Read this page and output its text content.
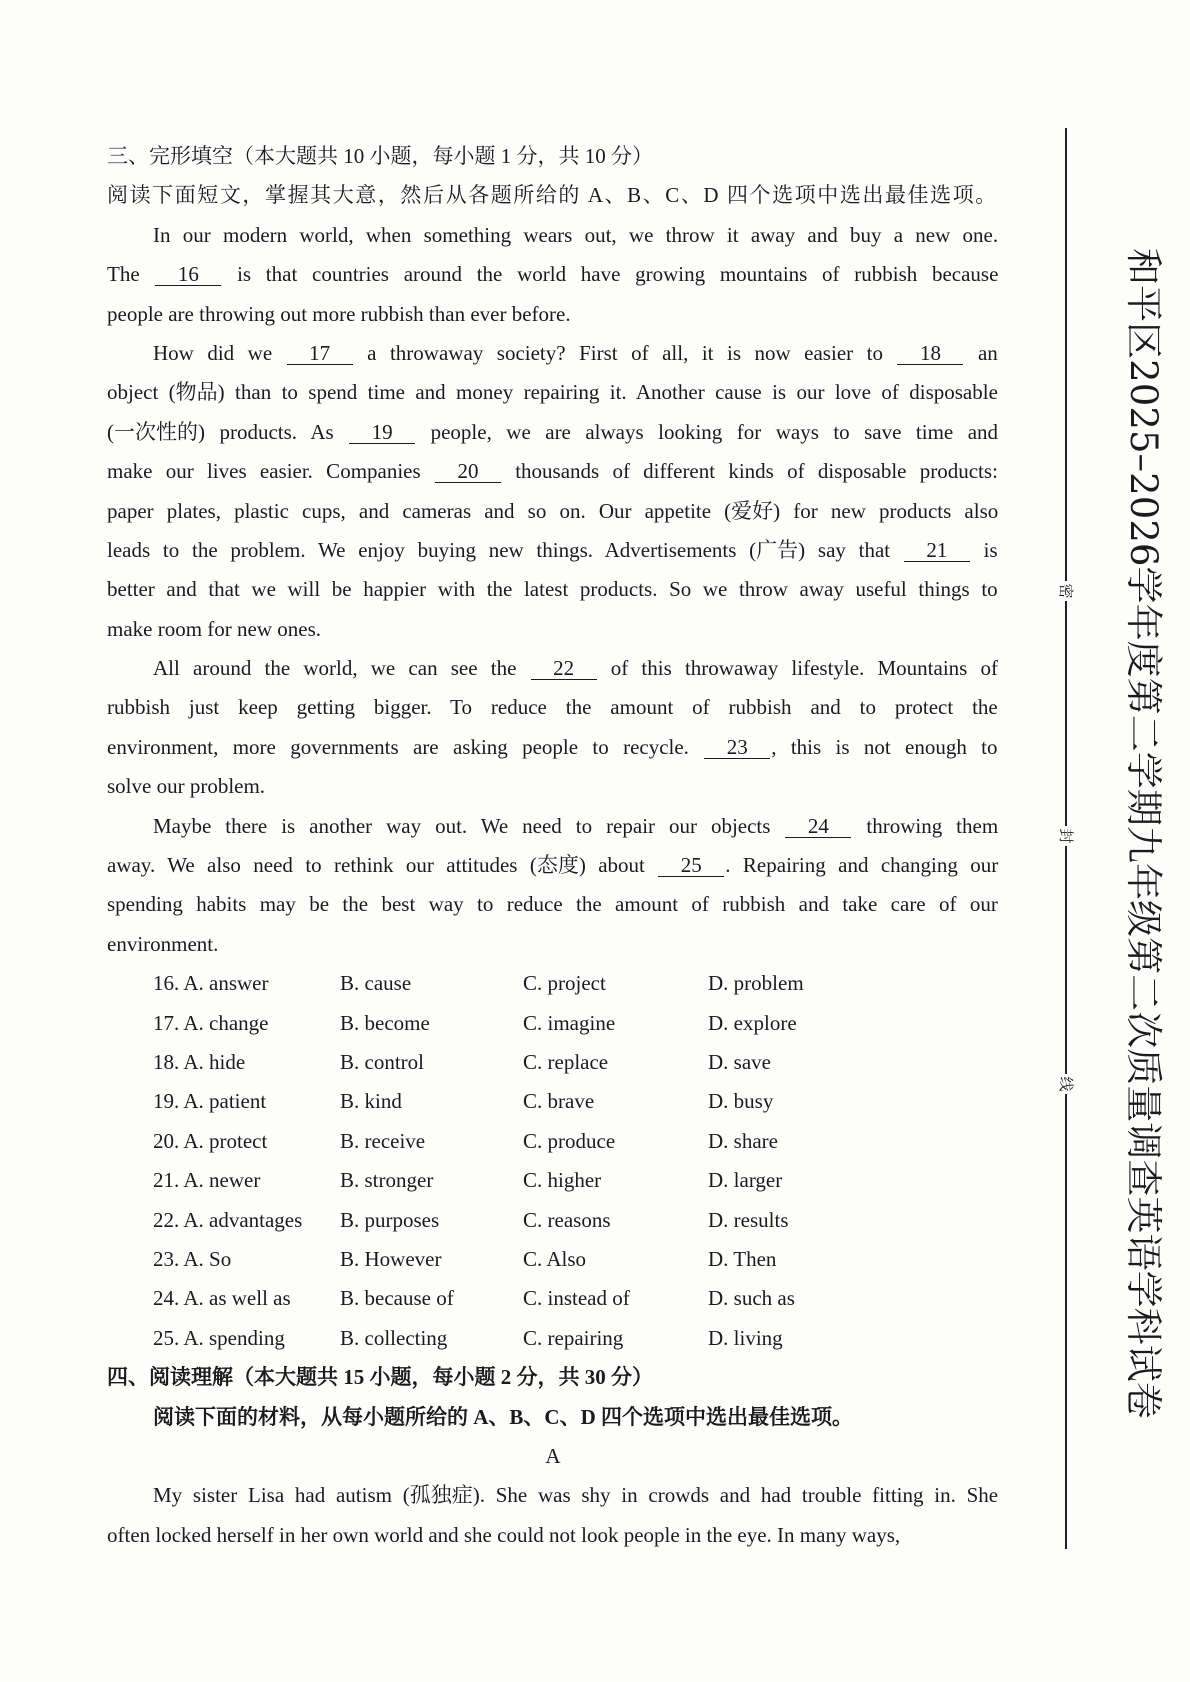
和平区2025–2026学年度第二学期九年级第二次质量调查英语学科试卷
密
封
线
三、完形填空（本大题共 10 小题，每小题 1 分，共 10 分）
阅读下面短文，掌握其大意，然后从各题所给的 A、B、C、D 四个选项中选出最佳选项。
In our modern world, when something wears out, we throw it away and buy a new one.
The 16 is that countries around the world have growing mountains of rubbish because
people are throwing out more rubbish than ever before.
How did we 17 a throwaway society? First of all, it is now easier to 18 an
object (物品) than to spend time and money repairing it. Another cause is our love of disposable
(一次性的) products. As 19 people, we are always looking for ways to save time and
make our lives easier. Companies 20 thousands of different kinds of disposable products:
paper plates, plastic cups, and cameras and so on. Our appetite (爱好) for new products also
leads to the problem. We enjoy buying new things. Advertisements (广告) say that 21 is
better and that we will be happier with the latest products. So we throw away useful things to
make room for new ones.
All around the world, we can see the 22 of this throwaway lifestyle. Mountains of
rubbish just keep getting bigger. To reduce the amount of rubbish and to protect the
environment, more governments are asking people to recycle. 23 , this is not enough to
solve our problem.
Maybe there is another way out. We need to repair our objects 24 throwing them
away. We also need to rethink our attitudes (态度) about 25 . Repairing and changing our
spending habits may be the best way to reduce the amount of rubbish and take care of our
environment.
16. A. answer	B. cause	C. project	D. problem
17. A. change	B. become	C. imagine	D. explore
18. A. hide	B. control	C. replace	D. save
19. A. patient	B. kind	C. brave	D. busy
20. A. protect	B. receive	C. produce	D. share
21. A. newer	B. stronger	C. higher	D. larger
22. A. advantages	B. purposes	C. reasons	D. results
23. A. So	B. However	C. Also	D. Then
24. A. as well as	B. because of	C. instead of	D. such as
25. A. spending	B. collecting	C. repairing	D. living
四、阅读理解（本大题共 15 小题，每小题 2 分，共 30 分）
阅读下面的材料，从每小题所给的 A、B、C、D 四个选项中选出最佳选项。
A
My sister Lisa had autism (孤独症). She was shy in crowds and had trouble fitting in. She
often locked herself in her own world and she could not look people in the eye. In many ways,
